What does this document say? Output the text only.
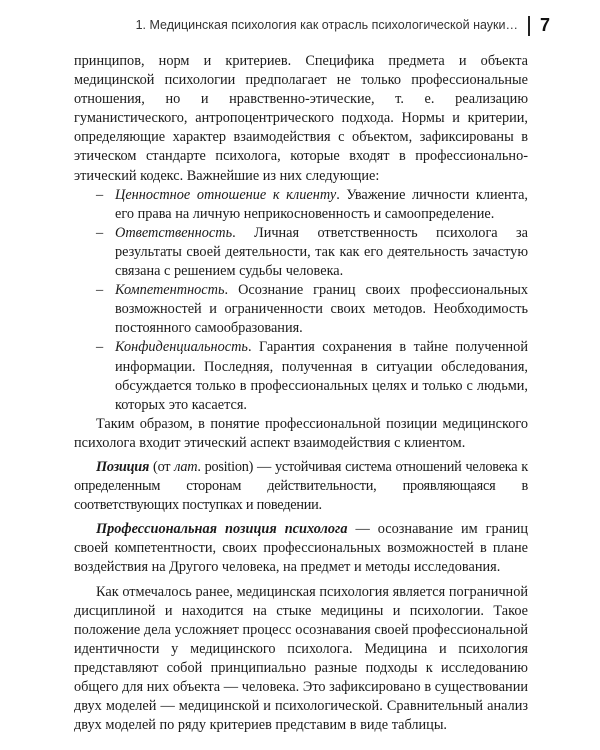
1. Медицинская психология как отрасль психологической науки… 7

принципов, норм и критериев. Специфика предмета и объекта медицинской психологии предполагает не только профессиональные отношения, но и нравственно-этические, т. е. реализацию гуманистического, антропоцентрического подхода. Нормы и критерии, определяющие характер взаимодействия с объектом, зафиксированы в этическом стандарте психолога, которые входят в профессионально-этический кодекс. Важнейшие из них следующие:

– Ценностное отношение к клиенту. Уважение личности клиента, его права на личную неприкосновенность и самоопределение.
– Ответственность. Личная ответственность психолога за результаты своей деятельности, так как его деятельность зачастую связана с решением судьбы человека.
– Компетентность. Осознание границ своих профессиональных возможностей и ограниченности своих методов. Необходимость постоянного самообразования.
– Конфиденциальность. Гарантия сохранения в тайне полученной информации. Последняя, полученная в ситуации обследования, обсуждается только в профессиональных целях и только с людьми, которых это касается.

Таким образом, в понятие профессиональной позиции медицинского психолога входит этический аспект взаимодействия с клиентом.

Позиция (от лат. position) — устойчивая система отношений человека к определенным сторонам действительности, проявляющаяся в соответствующих поступках и поведении.

Профессиональная позиция психолога — осознавание им границ своей компетентности, своих профессиональных возможностей в плане воздействия на Другого человека, на предмет и методы исследования.

Как отмечалось ранее, медицинская психология является пограничной дисциплиной и находится на стыке медицины и психологии. Такое положение дела усложняет процесс осознавания своей профессиональной идентичности у медицинского психолога. Медицина и психология представляют собой принципиально разные подходы к исследованию общего для них объекта — человека. Это зафиксировано в существовании двух моделей — медицинской и психологической. Сравнительный анализ двух моделей по ряду критериев представим в виде таблицы.
